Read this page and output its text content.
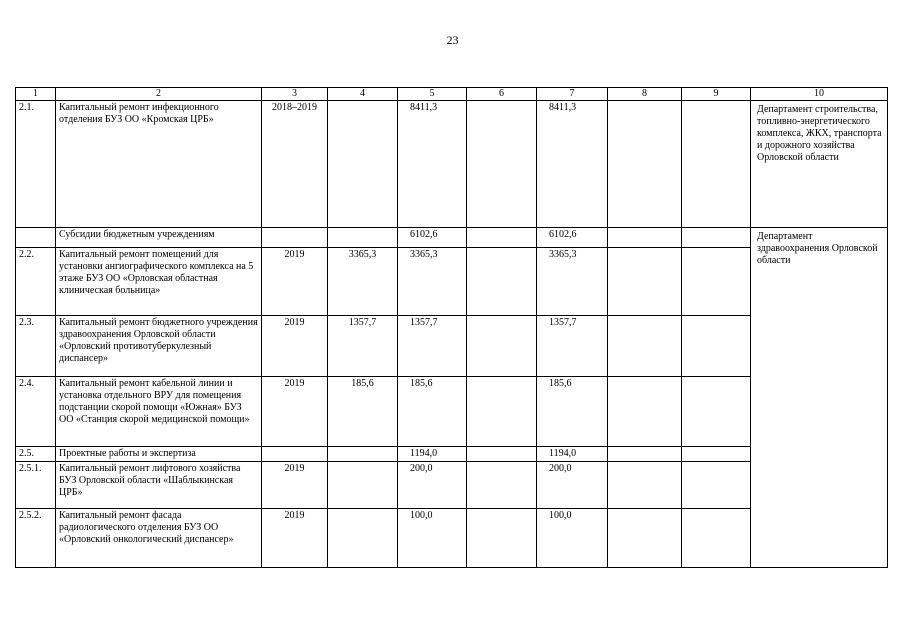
23
1	2	3	4	5	6	7	8	9	10
2.1.	Капитальный ремонт инфекционного отделения БУЗ ОО «Кромская ЦРБ»	2018–2019		8411,3		8411,3			Департамент строительства, топливно-энергетического комплекса, ЖКХ, транспорта и дорожного хозяйства Орловской области
	Субсидии бюджетным учреждениям			6102,6		6102,6			Департамент здравоохранения Орловской области
2.2.	Капитальный ремонт помещений для установки ангиографического комплекса на 5 этаже БУЗ ОО «Орловская областная клиническая больница»	2019	3365,3	3365,3		3365,3			
2.3.	Капитальный ремонт бюджетного учреждения здравоохранения Орловской области «Орловский противотуберкулезный диспансер»	2019	1357,7	1357,7		1357,7			
2.4.	Капитальный ремонт кабельной линии и установка отдельного ВРУ для помещения подстанции скорой помощи «Южная» БУЗ ОО «Станция скорой медицинской помощи»	2019	185,6	185,6		185,6			
2.5.	Проектные работы и экспертиза			1194,0		1194,0			
2.5.1.	Капитальный ремонт лифтового хозяйства БУЗ Орловской области «Шаблыкинская ЦРБ»	2019		200,0		200,0			
2.5.2.	Капитальный ремонт фасада радиологического отделения БУЗ ОО «Орловский онкологический диспансер»	2019		100,0		100,0			
